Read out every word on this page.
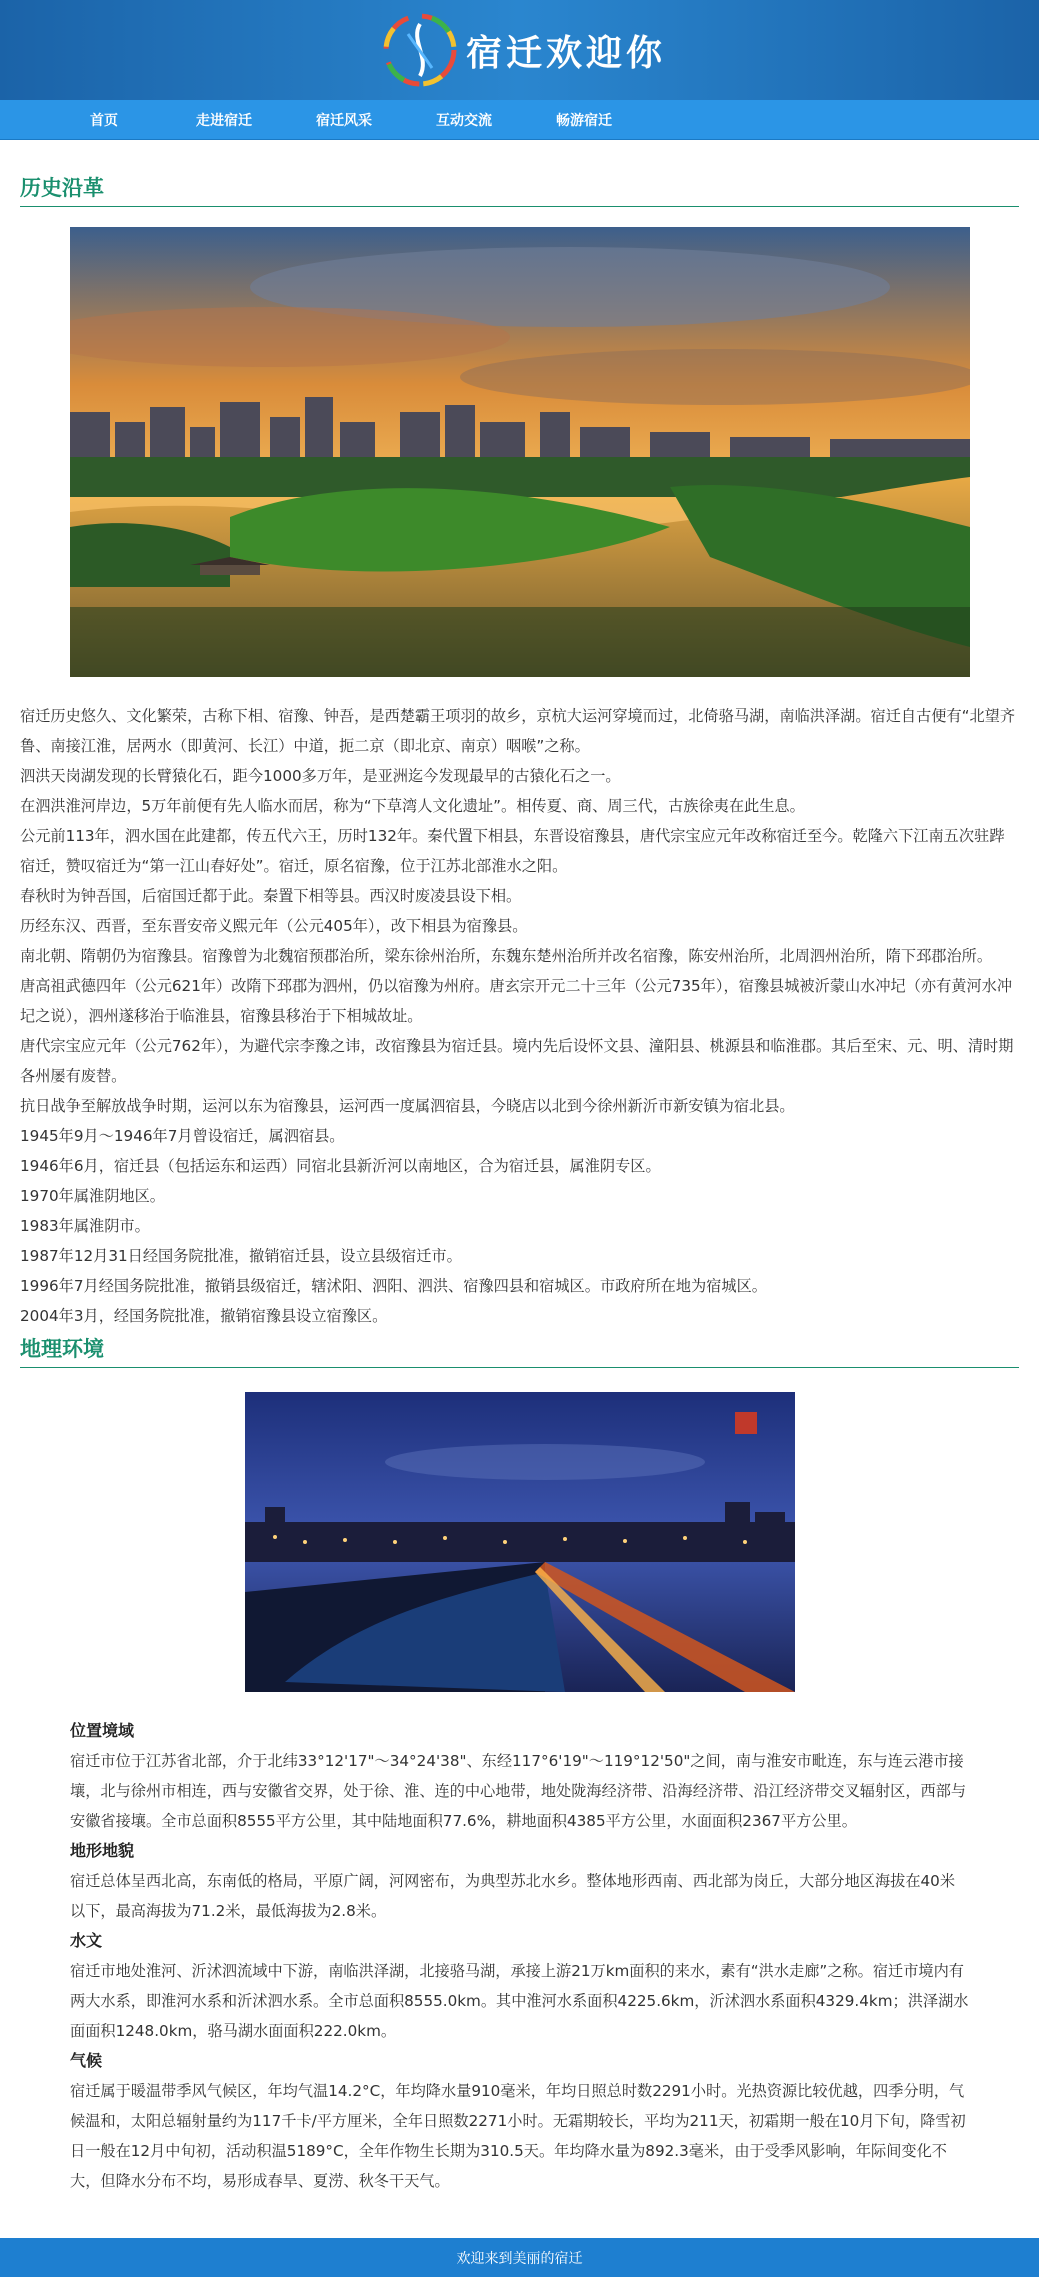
宿迁欢迎你
首页	走进宿迁	宿迁风采	互动交流	畅游宿迁
历史沿革

宿迁历史悠久、文化繁荣，古称下相、宿豫、钟吾，是西楚霸王项羽的故乡，京杭大运河穿境而过，北倚骆马湖，南临洪泽湖。宿迁自古便有“北望齐鲁、南接江淮，居两水（即黄河、长江）中道，扼二京（即北京、南京）咽喉”之称。

泗洪天岗湖发现的长臂猿化石，距今1000多万年，是亚洲迄今发现最早的古猿化石之一。

在泗洪淮河岸边，5万年前便有先人临水而居，称为“下草湾人文化遗址”。相传夏、商、周三代，古族徐夷在此生息。

公元前113年，泗水国在此建都，传五代六王，历时132年。秦代置下相县，东晋设宿豫县，唐代宗宝应元年改称宿迁至今。乾隆六下江南五次驻跸宿迁，赞叹宿迁为“第一江山春好处”。宿迁，原名宿豫，位于江苏北部淮水之阳。

春秋时为钟吾国，后宿国迁都于此。秦置下相等县。西汉时废凌县设下相。

历经东汉、西晋，至东晋安帝义熙元年（公元405年），改下相县为宿豫县。

南北朝、隋朝仍为宿豫县。宿豫曾为北魏宿预郡治所，梁东徐州治所，东魏东楚州治所并改名宿豫，陈安州治所，北周泗州治所，隋下邳郡治所。

唐高祖武德四年（公元621年）改隋下邳郡为泗州，仍以宿豫为州府。唐玄宗开元二十三年（公元735年），宿豫县城被沂蒙山水冲圮（亦有黄河水冲圮之说），泗州遂移治于临淮县，宿豫县移治于下相城故址。

唐代宗宝应元年（公元762年），为避代宗李豫之讳，改宿豫县为宿迁县。境内先后设怀文县、潼阳县、桃源县和临淮郡。其后至宋、元、明、清时期各州屡有废替。

抗日战争至解放战争时期，运河以东为宿豫县，运河西一度属泗宿县，今晓店以北到今徐州新沂市新安镇为宿北县。

1945年9月～1946年7月曾设宿迁，属泗宿县。

1946年6月，宿迁县（包括运东和运西）同宿北县新沂河以南地区，合为宿迁县，属淮阴专区。

1970年属淮阴地区。

1983年属淮阴市。

1987年12月31日经国务院批准，撤销宿迁县，设立县级宿迁市。

1996年7月经国务院批准，撤销县级宿迁，辖沭阳、泗阳、泗洪、宿豫四县和宿城区。市政府所在地为宿城区。

2004年3月，经国务院批准，撤销宿豫县设立宿豫区。

地理环境
位置境域
宿迁市位于江苏省北部，介于北纬33°12'17"～34°24'38"、东经117°6'19"～119°12'50"之间，南与淮安市毗连，东与连云港市接壤，北与徐州市相连，西与安徽省交界，处于徐、淮、连的中心地带，地处陇海经济带、沿海经济带、沿江经济带交叉辐射区，西部与安徽省接壤。全市总面积8555平方公里，其中陆地面积77.6%，耕地面积4385平方公里，水面面积2367平方公里。
地形地貌
宿迁总体呈西北高，东南低的格局，平原广阔，河网密布，为典型苏北水乡。整体地形西南、西北部为岗丘，大部分地区海拔在40米以下，最高海拔为71.2米，最低海拔为2.8米。
水文
宿迁市地处淮河、沂沭泗流域中下游，南临洪泽湖，北接骆马湖，承接上游21万km面积的来水，素有“洪水走廊”之称。宿迁市境内有两大水系，即淮河水系和沂沭泗水系。全市总面积8555.0km。其中淮河水系面积4225.6km，沂沭泗水系面积4329.4km；洪泽湖水面面积1248.0km，骆马湖水面面积222.0km。
气候
宿迁属于暖温带季风气候区，年均气温14.2°C，年均降水量910毫米，年均日照总时数2291小时。光热资源比较优越，四季分明，气候温和，太阳总辐射量约为117千卡/平方厘米，全年日照数2271小时。无霜期较长，平均为211天，初霜期一般在10月下旬，降雪初日一般在12月中旬初，活动积温5189°C，全年作物生长期为310.5天。年均降水量为892.3毫米，由于受季风影响，年际间变化不大，但降水分布不均，易形成春旱、夏涝、秋冬干天气。
欢迎来到美丽的宿迁
